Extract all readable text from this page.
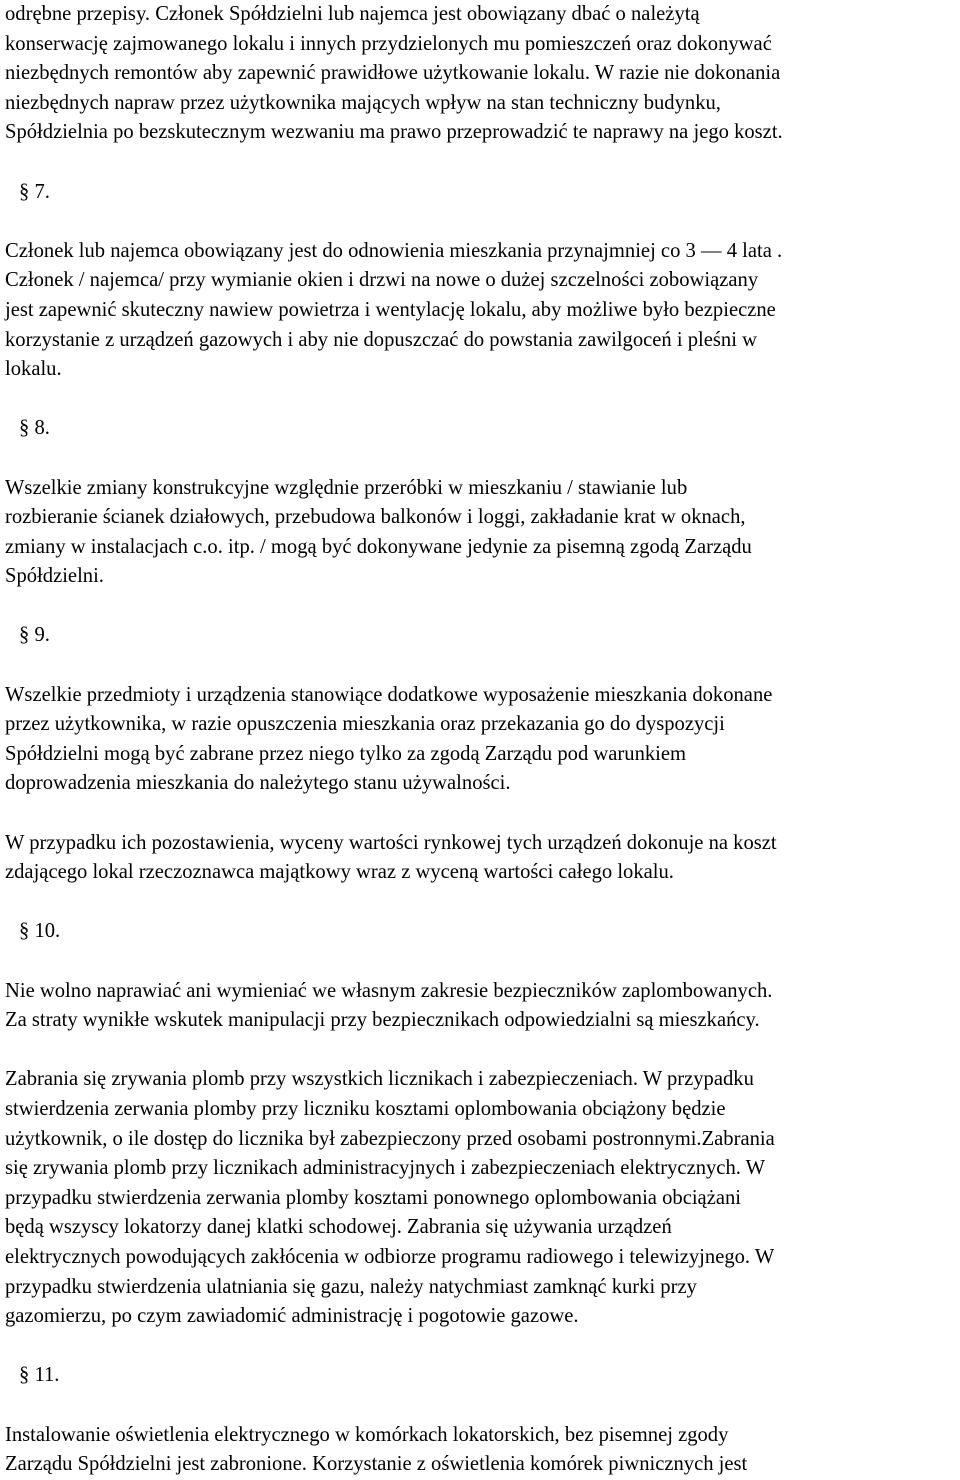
odrębne przepisy. Członek Spółdzielni lub najemca jest obowiązany dbać o należytą
konserwację zajmowanego lokalu i innych przydzielonych mu pomieszczeń oraz dokonywać
niezbędnych remontów aby zapewnić prawidłowe użytkowanie lokalu. W razie nie dokonania
niezbędnych napraw przez użytkownika mających wpływ na stan techniczny budynku,
Spółdzielnia po bezskutecznym wezwaniu ma prawo przeprowadzić te naprawy na jego koszt.
§ 7.
Członek lub najemca obowiązany jest do odnowienia mieszkania przynajmniej co 3 — 4 lata .
Członek / najemca/ przy wymianie okien i drzwi na nowe o dużej szczelności zobowiązany
jest zapewnić skuteczny nawiew powietrza i wentylację lokalu, aby możliwe było bezpieczne
korzystanie z urządzeń gazowych i aby nie dopuszczać do powstania zawilgoceń i pleśni w
lokalu.
§ 8.
Wszelkie zmiany konstrukcyjne względnie przeróbki w mieszkaniu / stawianie lub
rozbieranie ścianek działowych, przebudowa balkonów i loggi, zakładanie krat w oknach,
zmiany w instalacjach c.o. itp. / mogą być dokonywane jedynie za pisemną zgodą Zarządu
Spółdzielni.
§ 9.
Wszelkie przedmioty i urządzenia stanowiące dodatkowe wyposażenie mieszkania dokonane
przez użytkownika, w razie opuszczenia mieszkania oraz przekazania go do dyspozycji
Spółdzielni mogą być zabrane przez niego tylko za zgodą Zarządu pod warunkiem
doprowadzenia mieszkania do należytego stanu używalności.
W przypadku ich pozostawienia, wyceny wartości rynkowej tych urządzeń dokonuje na koszt
zdającego lokal rzeczoznawca majątkowy wraz z wyceną wartości całego lokalu.
§ 10.
Nie wolno naprawiać ani wymieniać we własnym zakresie bezpieczników zaplombowanych.
Za straty wynikłe wskutek manipulacji przy bezpiecznikach odpowiedzialni są mieszkańcy.
Zabrania się zrywania plomb przy wszystkich licznikach i zabezpieczeniach. W przypadku
stwierdzenia zerwania plomby przy liczniku kosztami oplombowania obciążony będzie
użytkownik, o ile dostęp do licznika był zabezpieczony przed osobami postronnymi.Zabrania
się zrywania plomb przy licznikach administracyjnych i zabezpieczeniach elektrycznych. W
przypadku stwierdzenia zerwania plomby kosztami ponownego oplombowania obciążani
będą wszyscy lokatorzy danej klatki schodowej. Zabrania się używania urządzeń
elektrycznych powodujących zakłócenia w odbiorze programu radiowego i telewizyjnego. W
przypadku stwierdzenia ulatniania się gazu, należy natychmiast zamknąć kurki przy
gazomierzu, po czym zawiadomić administrację i pogotowie gazowe.
§ 11.
Instalowanie oświetlenia elektrycznego w komórkach lokatorskich, bez pisemnej zgody
Zarządu Spółdzielni jest zabronione. Korzystanie z oświetlenia komórek piwnicznych jest
